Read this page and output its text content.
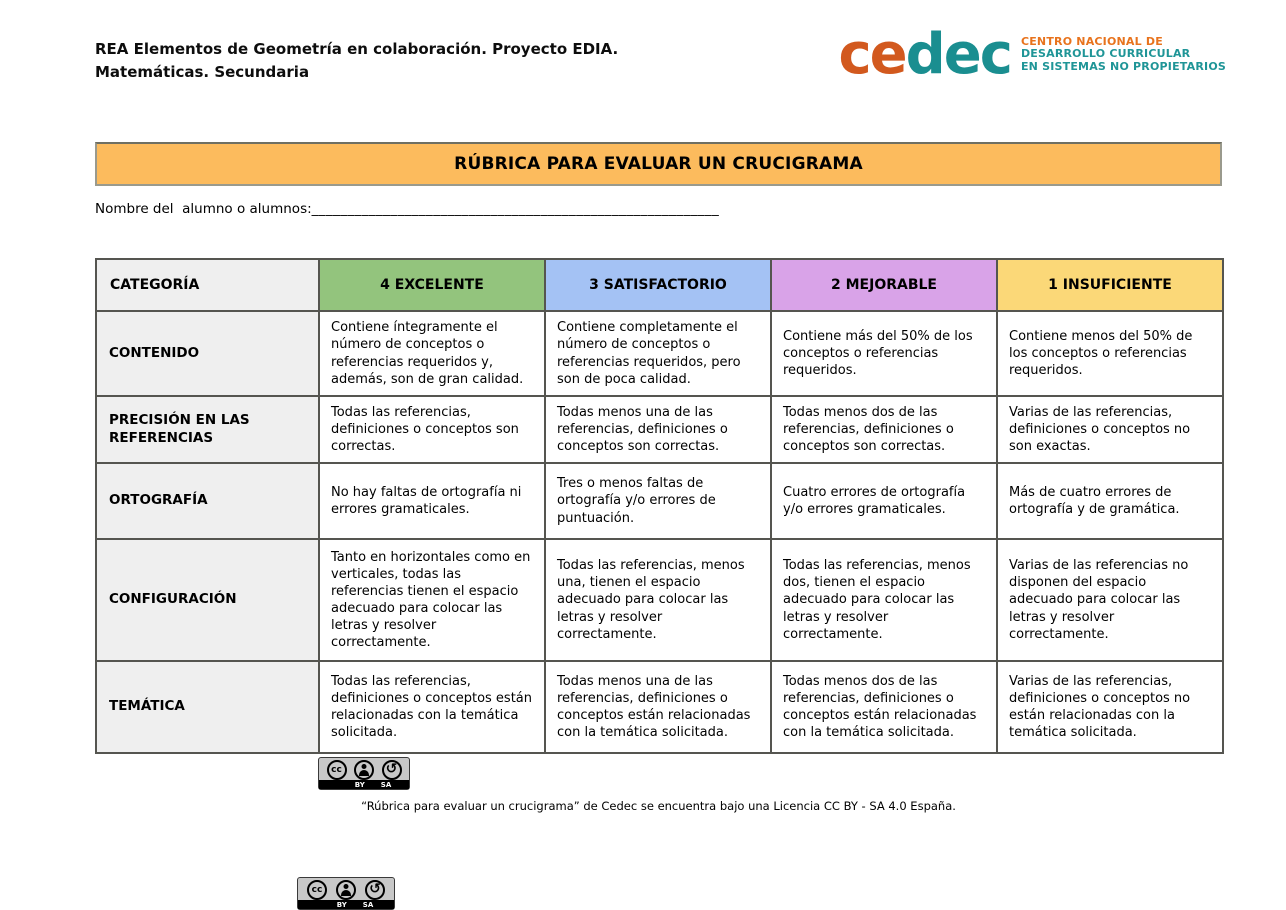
REA Elementos de Geometría en colaboración. Proyecto EDIA.
Matemáticas. Secundaria	cedec CENTRO NACIONAL DE
DESARROLLO CURRICULAR
EN SISTEMAS NO PROPIETARIOS
RÚBRICA PARA EVALUAR UN CRUCIGRAMA
Nombre del  alumno o alumnos:_________________________________________________________
CATEGORÍA	4 EXCELENTE	3 SATISFACTORIO	2 MEJORABLE	1 INSUFICIENTE
CONTENIDO	Contiene íntegramente el número de conceptos o referencias requeridos y, además, son de gran calidad.	Contiene completamente el número de conceptos o referencias requeridos, pero son de poca calidad.	Contiene más del 50% de los conceptos o referencias requeridos.	Contiene menos del 50% de los conceptos o referencias requeridos.
PRECISIÓN EN LAS REFERENCIAS	Todas las referencias, definiciones o conceptos son correctas.	Todas menos una de las referencias, definiciones o conceptos son correctas.	Todas menos dos de las referencias, definiciones o conceptos son correctas.	Varias de las referencias, definiciones o conceptos no son exactas.
ORTOGRAFÍA	No hay faltas de ortografía ni errores gramaticales.	Tres o menos faltas de ortografía y/o errores de puntuación.	Cuatro errores de ortografía y/o errores gramaticales.	Más de cuatro errores de ortografía y de gramática.
CONFIGURACIÓN	Tanto en horizontales como en verticales, todas las referencias tienen el espacio adecuado para colocar las letras y resolver correctamente.	Todas las referencias, menos una, tienen el espacio adecuado para colocar las letras y resolver correctamente.	Todas las referencias, menos dos, tienen el espacio adecuado para colocar las letras y resolver correctamente.	Varias de las referencias no disponen del espacio adecuado para colocar las letras y resolver correctamente.
TEMÁTICA	Todas las referencias, definiciones o conceptos están relacionadas con la temática solicitada.	Todas menos una de las referencias, definiciones o conceptos están relacionadas con la temática solicitada.	Todas menos dos de las referencias, definiciones o conceptos están relacionadas con la temática solicitada.	Varias de las referencias, definiciones o conceptos no están relacionadas con la temática solicitada.
cc	↺
BY SA
“Rúbrica para evaluar un crucigrama” de Cedec se encuentra bajo una Licencia CC BY - SA 4.0 España.
cc	↺
BY SA
